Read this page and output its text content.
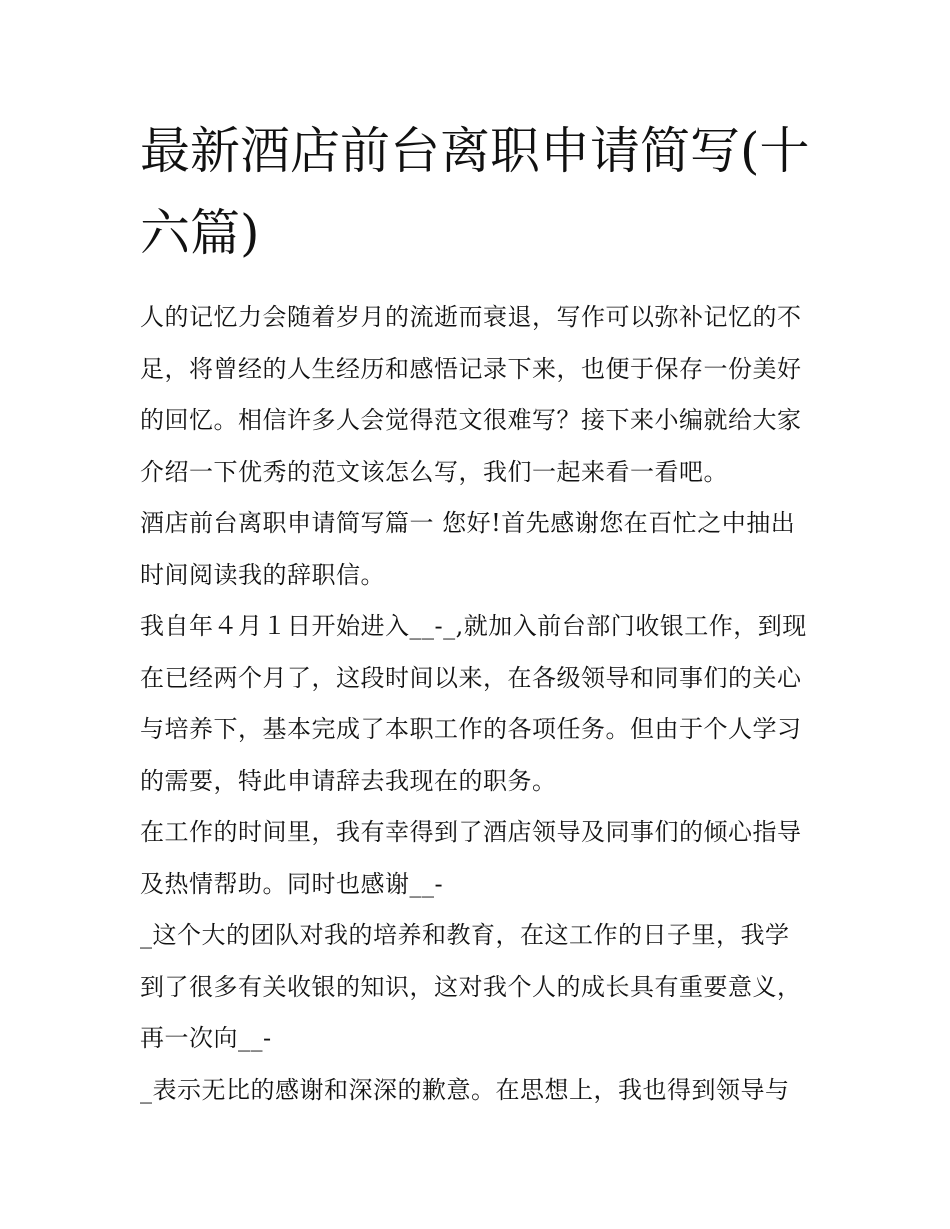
最新酒店前台离职申请简写(十六篇)

人的记忆力会随着岁月的流逝而衰退，写作可以弥补记忆的不足，将曾经的人生经历和感悟记录下来，也便于保存一份美好的回忆。相信许多人会觉得范文很难写？接下来小编就给大家介绍一下优秀的范文该怎么写，我们一起来看一看吧。

酒店前台离职申请简写篇一 您好!首先感谢您在百忙之中抽出时间阅读我的辞职信。

我自年４月１日开始进入__-_,就加入前台部门收银工作，到现在已经两个月了，这段时间以来，在各级领导和同事们的关心与培养下，基本完成了本职工作的各项任务。但由于个人学习的需要，特此申请辞去我现在的职务。

在工作的时间里，我有幸得到了酒店领导及同事们的倾心指导及热情帮助。同时也感谢__-

_这个大的团队对我的培养和教育，在这工作的日子里，我学到了很多有关收银的知识，这对我个人的成长具有重要意义，再一次向__-

_表示无比的感谢和深深的歉意。在思想上，我也得到领导与
